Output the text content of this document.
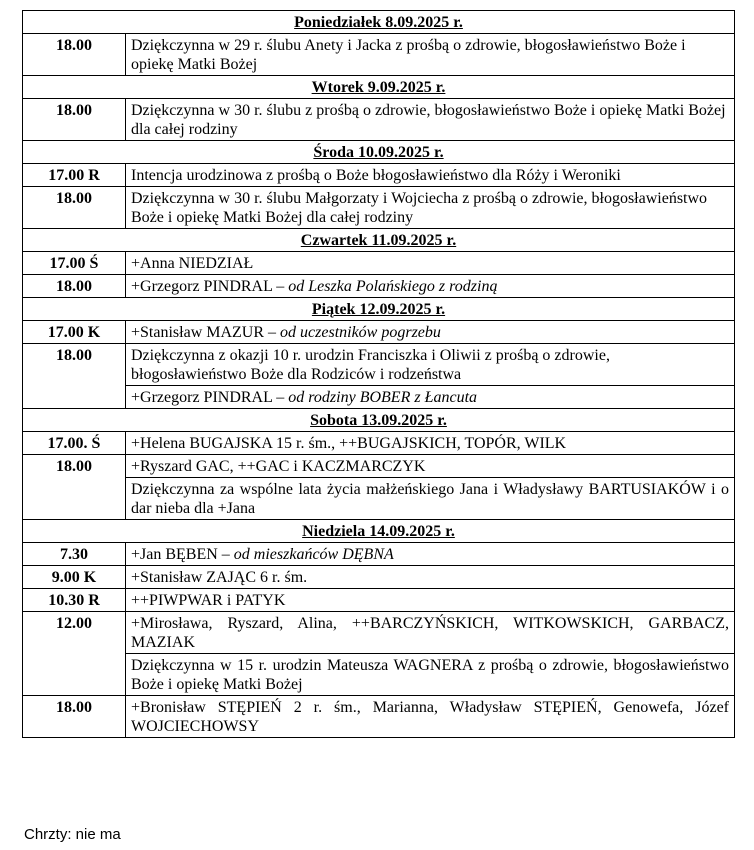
Poniedziałek 8.09.2025 r.	
18.00	Dziękczynna w 29 r. ślubu Anety i Jacka z prośbą o zdrowie, błogosławieństwo Boże i opiekę Matki Bożej
Wtorek 9.09.2025 r.	
18.00	Dziękczynna w 30 r. ślubu z prośbą o zdrowie, błogosławieństwo Boże i opiekę Matki Bożej dla całej rodziny
Środa 10.09.2025 r.	
17.00 R	Intencja urodzinowa z prośbą o Boże błogosławieństwo dla Róży i Weroniki
18.00	Dziękczynna w 30 r. ślubu Małgorzaty i Wojciecha z prośbą o zdrowie, błogosławieństwo Boże i opiekę Matki Bożej dla całej rodziny
Czwartek 11.09.2025 r.	
17.00 Ś	+Anna NIEDZIAŁ
18.00	+Grzegorz PINDRAL – od Leszka Polańskiego z rodziną
Piątek 12.09.2025 r.	
17.00 K	+Stanisław MAZUR – od uczestników pogrzebu
18.00	Dziękczynna z okazji 10 r. urodzin Franciszka i Oliwii z prośbą o zdrowie, błogosławieństwo Boże dla Rodziców i rodzeństwa
	+Grzegorz PINDRAL – od rodziny BOBER z Łancuta
Sobota 13.09.2025 r.	
17.00. Ś	+Helena BUGAJSKA 15 r. śm., ++BUGAJSKICH, TOPÓR, WILK
18.00	+Ryszard GAC, ++GAC i KACZMARCZYK
	Dziękczynna za wspólne lata życia małżeńskiego Jana i Władysławy BARTUSIAKÓW i o dar nieba dla +Jana
Niedziela 14.09.2025 r.	
7.30	+Jan BĘBEN – od mieszkańców DĘBNA
9.00 K	+Stanisław ZAJĄC 6 r. śm.
10.30 R	++PIWPWAR i PATYK
12.00	+Mirosława, Ryszard, Alina, ++BARCZYŃSKICH, WITKOWSKICH, GARBACZ, MAZIAK
	Dziękczynna w 15 r. urodzin Mateusza WAGNERA z prośbą o zdrowie, błogosławieństwo Boże i opiekę Matki Bożej
18.00	+Bronisław STĘPIEŃ 2 r. śm., Marianna, Władysław STĘPIEŃ, Genowefa, Józef WOJCIECHOWSY
Chrzty: nie ma
